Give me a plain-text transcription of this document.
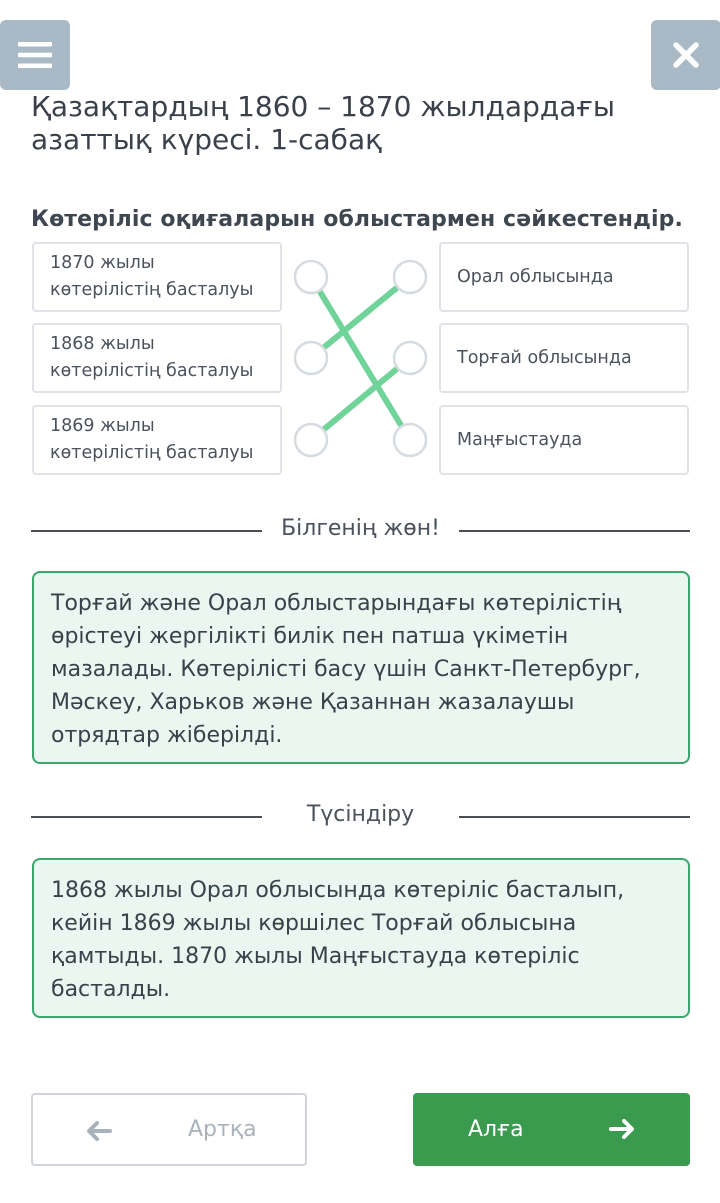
Қазақтардың 1860 – 1870 жылдардағы
азаттық күресі. 1-сабақ
Көтеріліс оқиғаларын облыстармен сәйкестендір.
1870 жылы
көтерілістің басталуы
1868 жылы
көтерілістің басталуы
1869 жылы
көтерілістің басталуы
Орал облысында
Торғай облысында
Маңғыстауда
Білгенің жөн!
Торғай және Орал облыстарындағы көтерілістің өрістеуі жергілікті билік пен патша үкіметін мазалады. Көтерілісті басу үшін Санкт-Петербург, Мәскеу, Харьков және Қазаннан жазалаушы отрядтар жіберілді.
Түсіндіру
1868 жылы Орал облысында көтеріліс басталып, кейін 1869 жылы көршілес Торғай облысына қамтыды. 1870 жылы Маңғыстауда көтеріліс басталды.
Артқа	Алға
